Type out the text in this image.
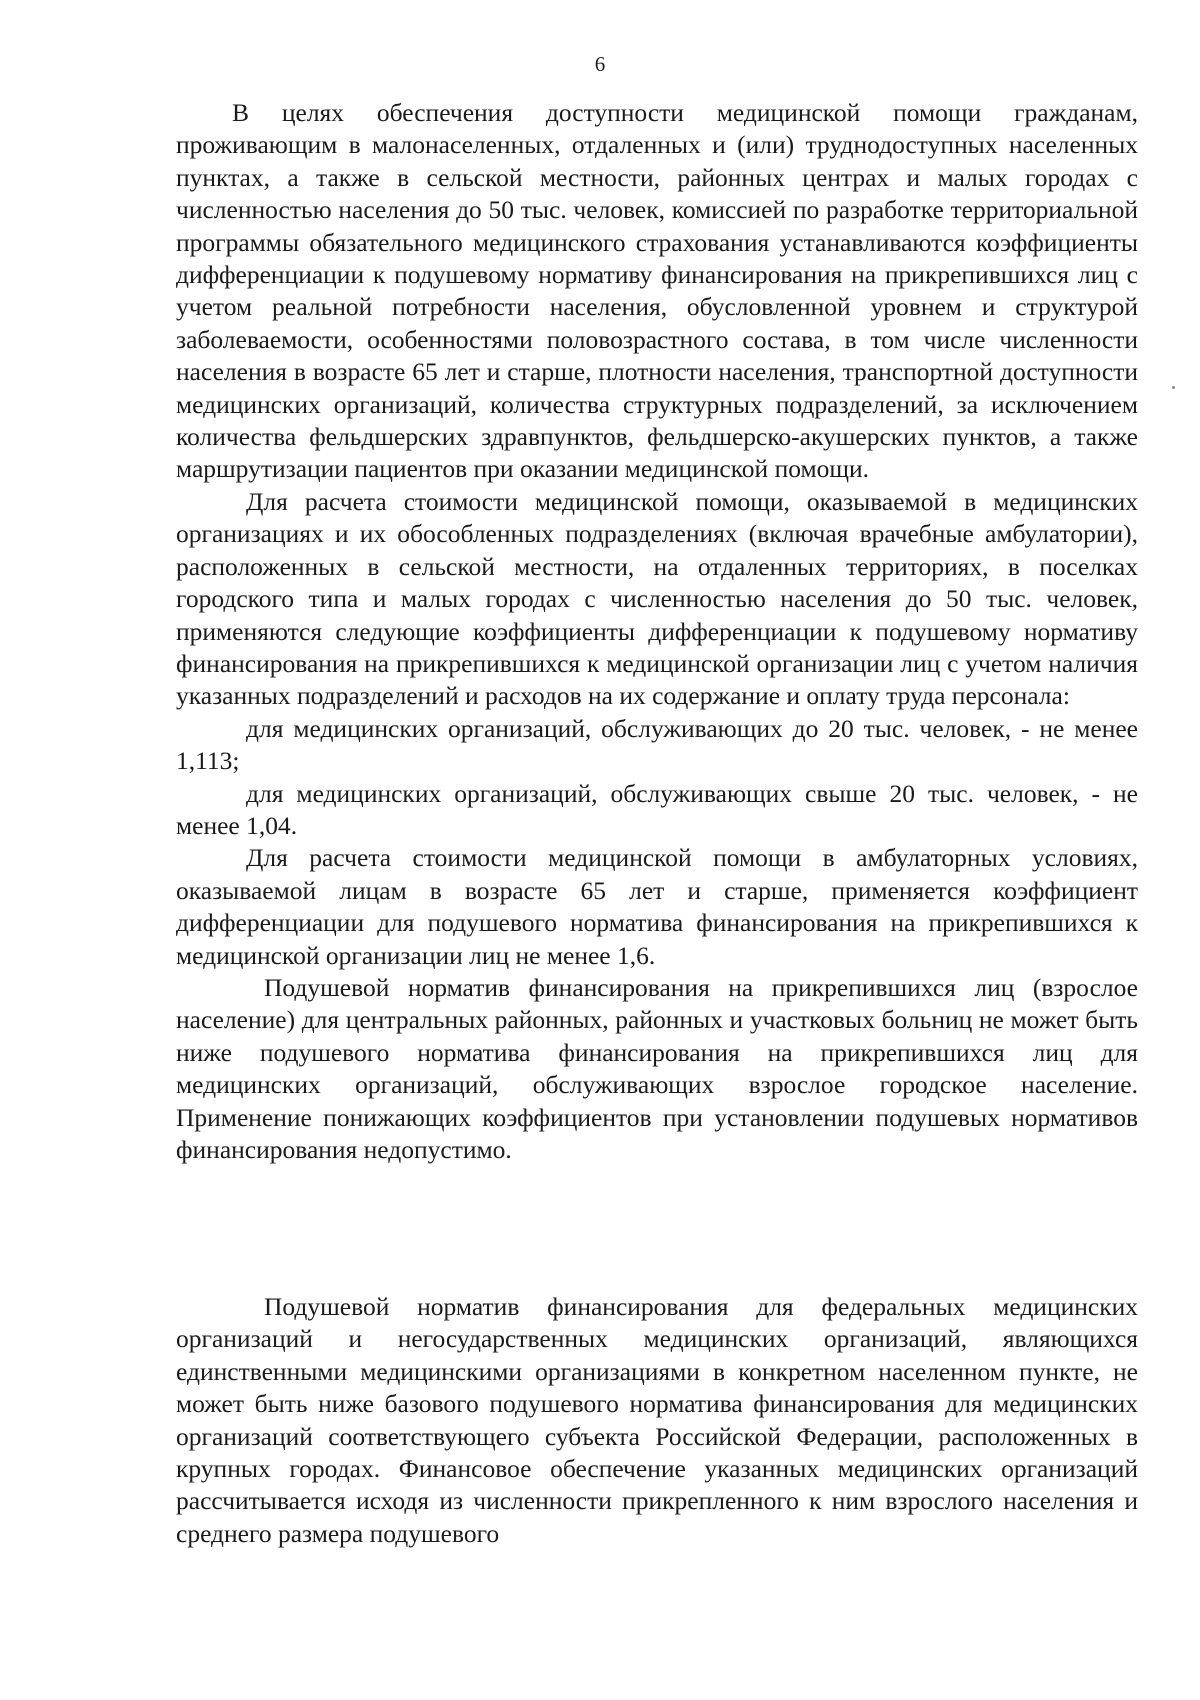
6

В целях обеспечения доступности медицинской помощи гражданам, проживающим в малонаселенных, отдаленных и (или) труднодоступных населенных пунктах, а также в сельской местности, районных центрах и малых городах с численностью населения до 50 тыс. человек, комиссией по разработке территориальной программы обязательного медицинского страхования устанавливаются коэффициенты дифференциации к подушевому нормативу финансирования на прикрепившихся лиц с учетом реальной потребности населения, обусловленной уровнем и структурой заболеваемости, особенностями половозрастного состава, в том числе численности населения в возрасте 65 лет и старше, плотности населения, транспортной доступности медицинских организаций, количества структурных подразделений, за исключением количества фельдшерских здравпунктов, фельдшерско-акушерских пунктов, а также маршрутизации пациентов при оказании медицинской помощи.

Для расчета стоимости медицинской помощи, оказываемой в медицинских организациях и их обособленных подразделениях (включая врачебные амбулатории), расположенных в сельской местности, на отдаленных территориях, в поселках городского типа и малых городах с численностью населения до 50 тыс. человек, применяются следующие коэффициенты дифференциации к подушевому нормативу финансирования на прикрепившихся к медицинской организации лиц с учетом наличия указанных подразделений и расходов на их содержание и оплату труда персонала:

для медицинских организаций, обслуживающих до 20 тыс. человек, - не менее 1,113;

для медицинских организаций, обслуживающих свыше 20 тыс. человек, - не менее 1,04.

Для расчета стоимости медицинской помощи в амбулаторных условиях, оказываемой лицам в возрасте 65 лет и старше, применяется коэффициент дифференциации для подушевого норматива финансирования на прикрепившихся к медицинской организации лиц не менее 1,6.

Подушевой норматив финансирования на прикрепившихся лиц (взрослое население) для центральных районных, районных и участковых больниц не может быть ниже подушевого норматива финансирования на прикрепившихся лиц для медицинских организаций, обслуживающих взрослое городское население. Применение понижающих коэффициентов при установлении подушевых нормативов финансирования недопустимо.

Подушевой норматив финансирования для федеральных медицинских организаций и негосударственных медицинских организаций, являющихся единственными медицинскими организациями в конкретном населенном пункте, не может быть ниже базового подушевого норматива финансирования для медицинских организаций соответствующего субъекта Российской Федерации, расположенных в крупных городах. Финансовое обеспечение указанных медицинских организаций рассчитывается исходя из численности прикрепленного к ним взрослого населения и среднего размера подушевого
